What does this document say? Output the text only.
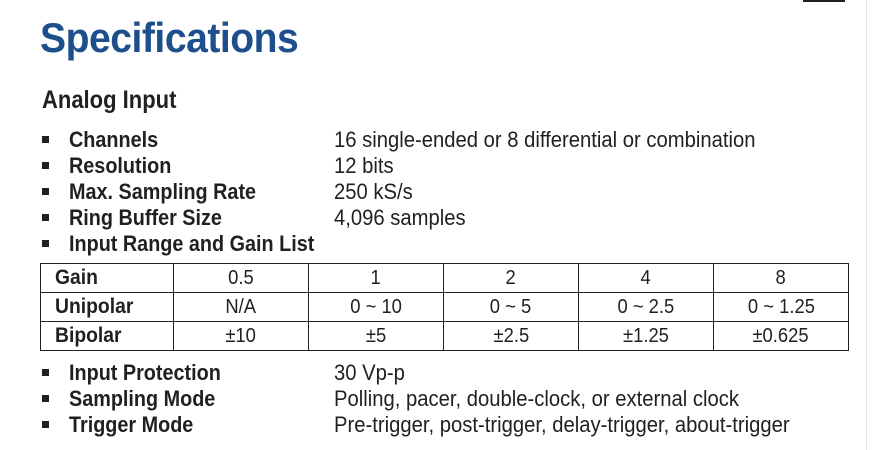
Specifications
Analog Input
Channels	16 single-ended or 8 differential or combination
Resolution	12 bits
Max. Sampling Rate	250 kS/s
Ring Buffer Size	4,096 samples
Input Range and Gain List
Gain	0.5	1	2	4	8
Unipolar	N/A	0 ~ 10	0 ~ 5	0 ~ 2.5	0 ~ 1.25
Bipolar	±10	±5	±2.5	±1.25	±0.625
Input Protection	30 Vp-p
Sampling Mode	Polling, pacer, double-clock, or external clock
Trigger Mode	Pre-trigger, post-trigger, delay-trigger, about-trigger
